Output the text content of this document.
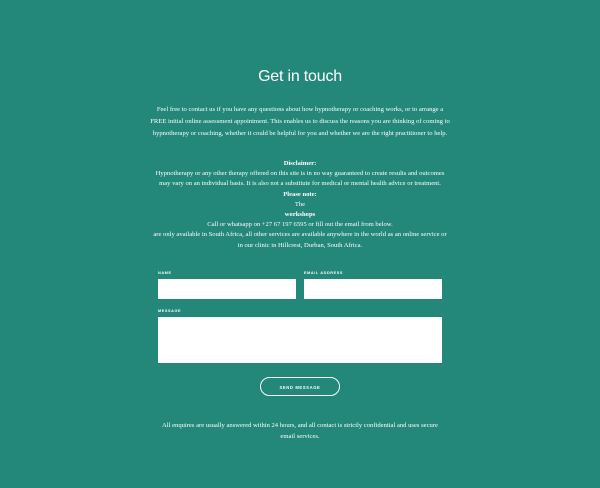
Get in touch

Feel free to contact us if you have any questions about how hypnotherapy or coaching works, or to arrange a FREE initial online assessment appointment. This enables us to discuss the reasons you are thinking of coming to hypnotherapy or coaching, whether it could be helpful for you and whether we are the right practitioner to help.

Disclaimer:
Hypnotherapy or any other therapy offered on this site is in no way guaranteed to create results and outcomes may vary on an individual basis. It is also not a substitute for medical or mental health advice or treatment.
Please note:
The
workshops
Call or whatsapp on +27 67 197 6595 or fill out the email from below.
are only available in South Africa, all other services are available anywhere in the world as an online service or in our clinic in Hillcrest, Durban, South Africa.
NAME	EMAIL ADDRESS
MESSAGE
SEND MESSAGE

All enquires are usually answered within 24 hours, and all contact is strictly confidential and uses secure email services.
